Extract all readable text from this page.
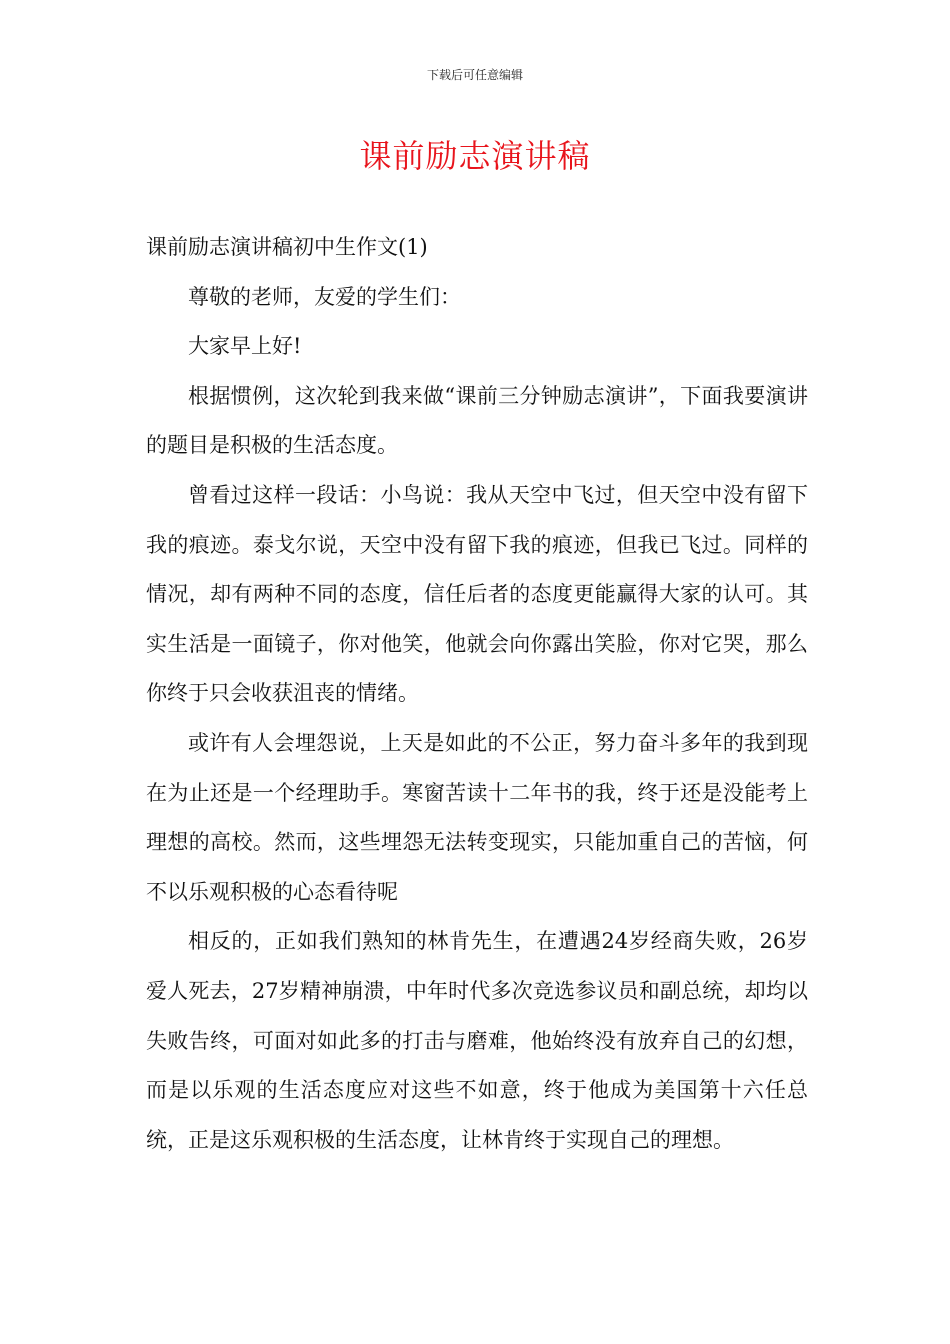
下载后可任意编辑
课前励志演讲稿

课前励志演讲稿初中生作文(1)

尊敬的老师，友爱的学生们：

大家早上好!

根据惯例，这次轮到我来做“课前三分钟励志演讲”，下面我要演讲的题目是积极的生活态度。

曾看过这样一段话：小鸟说：我从天空中飞过，但天空中没有留下我的痕迹。泰戈尔说，天空中没有留下我的痕迹，但我已飞过。同样的情况，却有两种不同的态度，信任后者的态度更能赢得大家的认可。其实生活是一面镜子，你对他笑，他就会向你露出笑脸，你对它哭，那么你终于只会收获沮丧的情绪。

或许有人会埋怨说，上天是如此的不公正，努力奋斗多年的我到现在为止还是一个经理助手。寒窗苦读十二年书的我，终于还是没能考上理想的高校。然而，这些埋怨无法转变现实，只能加重自己的苦恼，何不以乐观积极的心态看待呢

相反的，正如我们熟知的林肯先生，在遭遇24岁经商失败，26岁爱人死去，27岁精神崩溃，中年时代多次竞选参议员和副总统，却均以失败告终，可面对如此多的打击与磨难，他始终没有放弃自己的幻想，而是以乐观的生活态度应对这些不如意，终于他成为美国第十六任总统，正是这乐观积极的生活态度，让林肯终于实现自己的理想。
